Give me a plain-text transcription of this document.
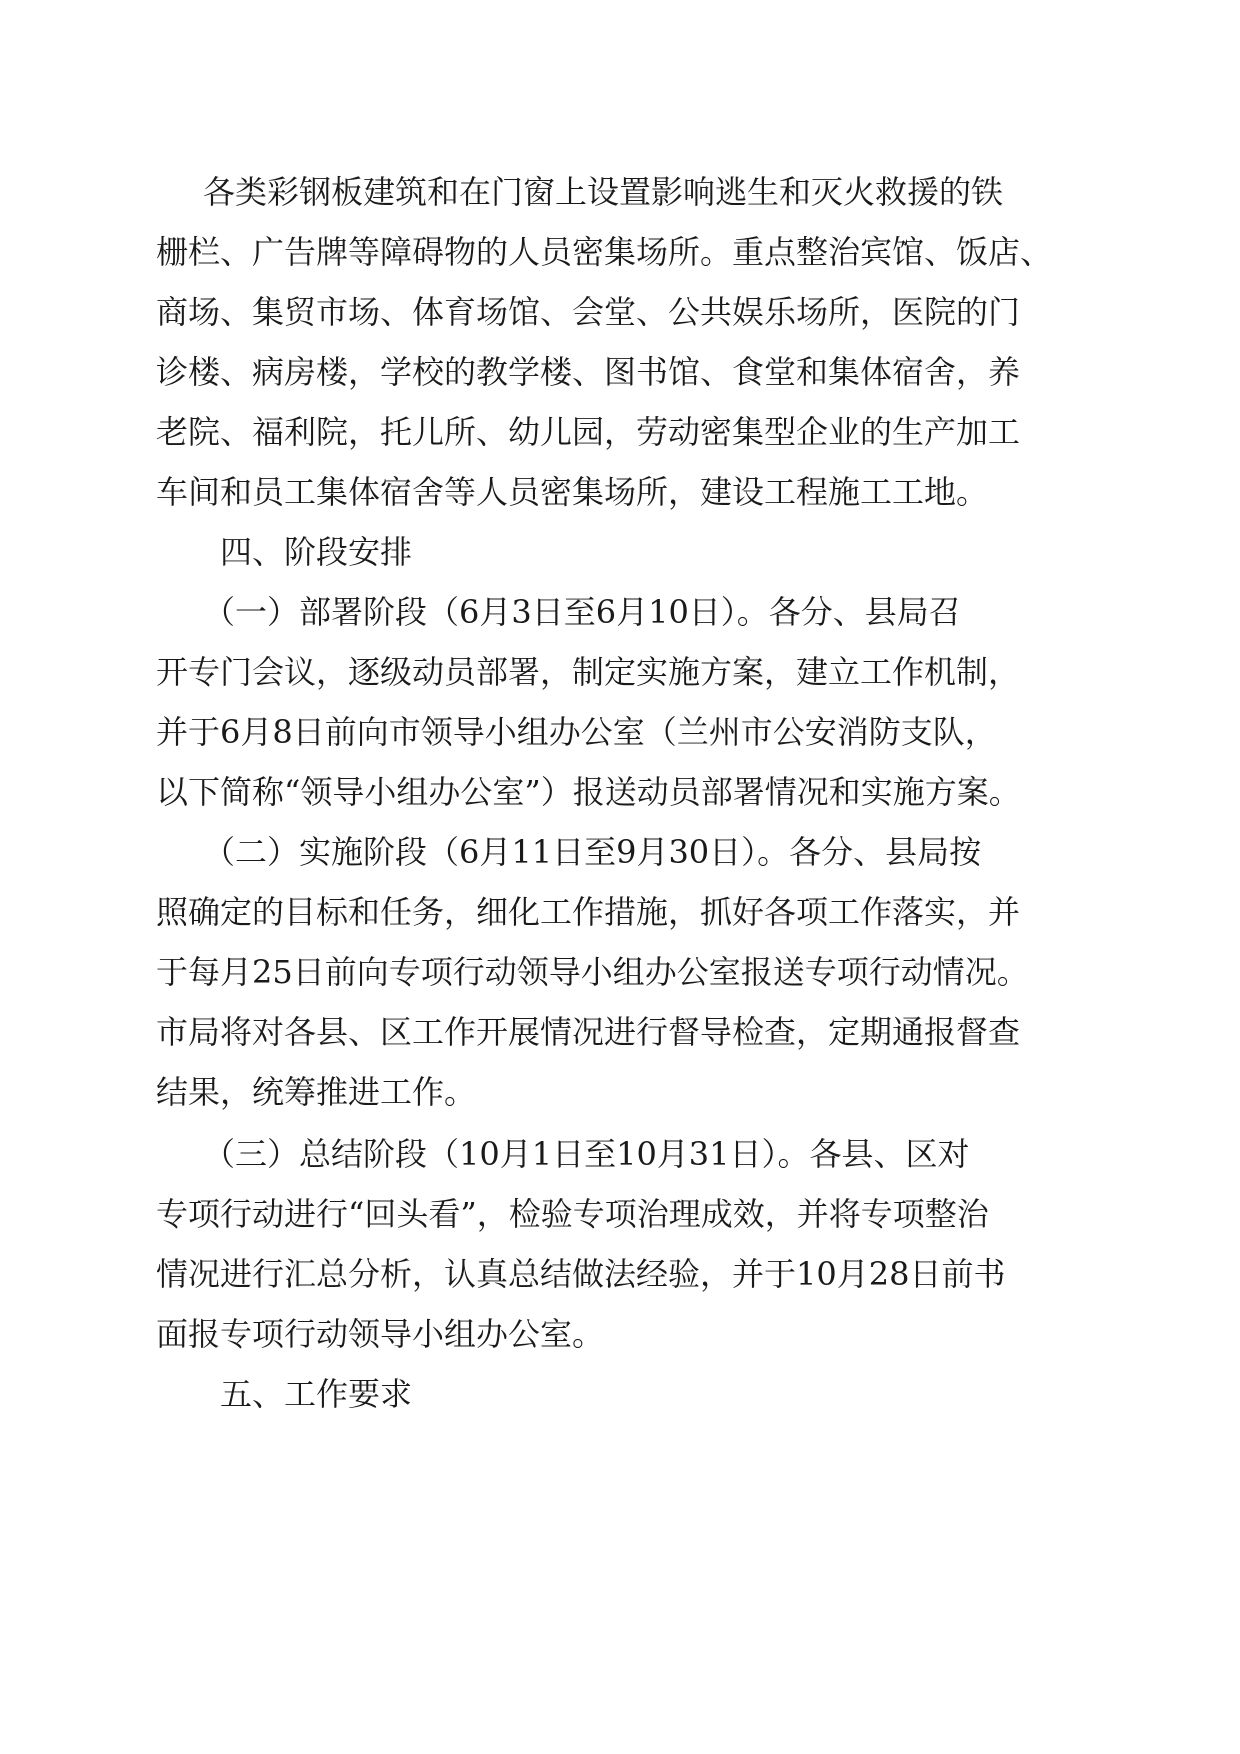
各类彩钢板建筑和在门窗上设置影响逃生和灭火救援的铁

栅栏、广告牌等障碍物的人员密集场所。重点整治宾馆、饭店、

商场、集贸市场、体育场馆、会堂、公共娱乐场所，医院的门

诊楼、病房楼，学校的教学楼、图书馆、食堂和集体宿舍，养

老院、福利院，托儿所、幼儿园，劳动密集型企业的生产加工

车间和员工集体宿舍等人员密集场所，建设工程施工工地。

四、阶段安排

（一）部署阶段（6月3日至6月10日）。各分、县局召

开专门会议，逐级动员部署，制定实施方案，建立工作机制，

并于6月8日前向市领导小组办公室（兰州市公安消防支队，

以下简称“领导小组办公室”）报送动员部署情况和实施方案。

（二）实施阶段（6月11日至9月30日）。各分、县局按

照确定的目标和任务，细化工作措施，抓好各项工作落实，并

于每月25日前向专项行动领导小组办公室报送专项行动情况。

市局将对各县、区工作开展情况进行督导检查，定期通报督查

结果，统筹推进工作。

（三）总结阶段（10月1日至10月31日）。各县、区对

专项行动进行“回头看”，检验专项治理成效，并将专项整治

情况进行汇总分析，认真总结做法经验，并于10月28日前书

面报专项行动领导小组办公室。

五、工作要求
